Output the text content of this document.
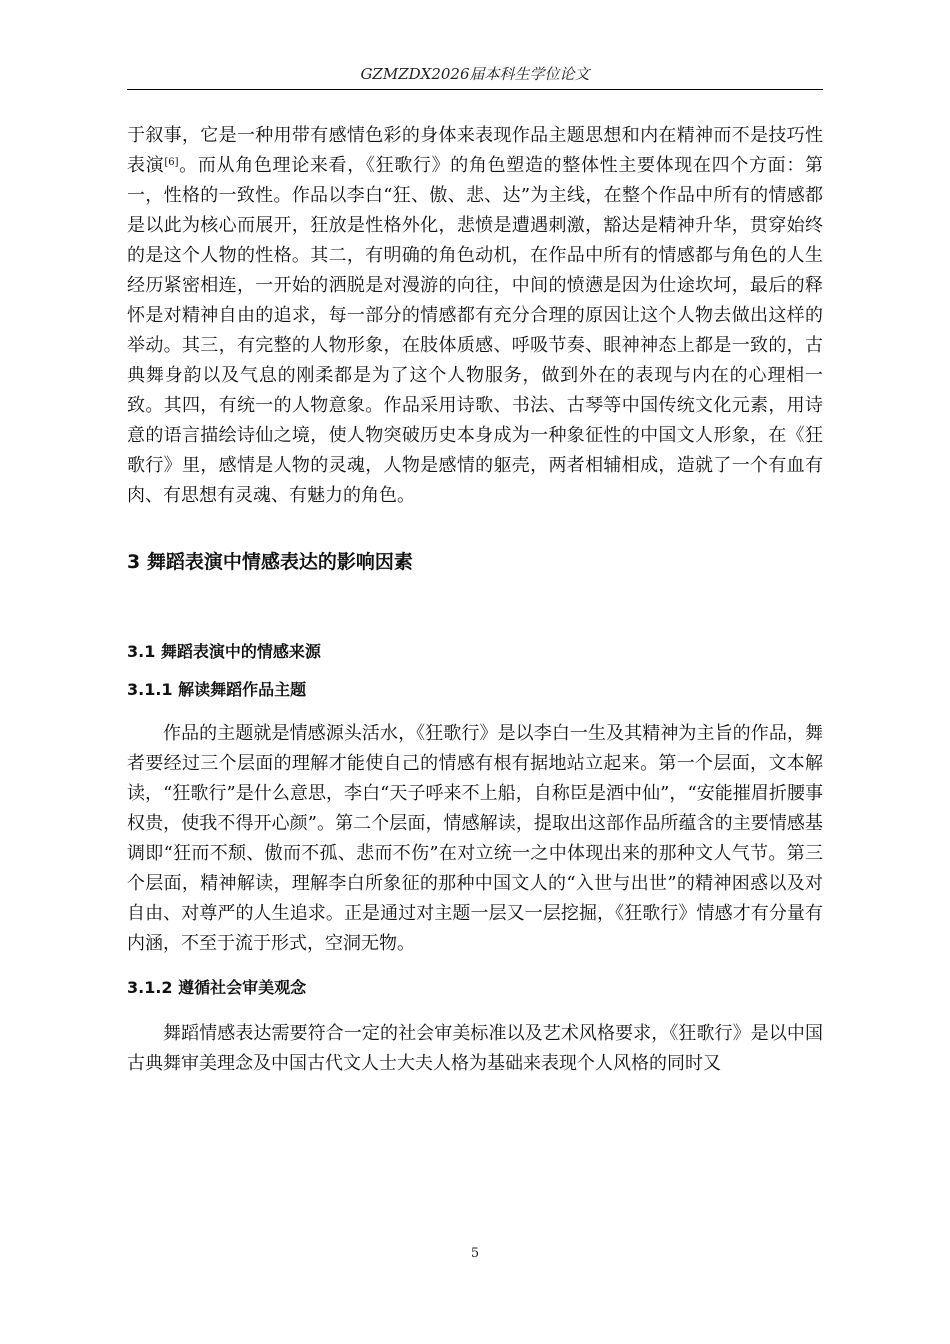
GZMZDX2026届本科生学位论文

于叙事，它是一种用带有感情色彩的身体来表现作品主题思想和内在精神而不是技巧性表演[6]。而从角色理论来看，《狂歌行》的角色塑造的整体性主要体现在四个方面：第一，性格的一致性。作品以李白“狂、傲、悲、达”为主线，在整个作品中所有的情感都是以此为核心而展开，狂放是性格外化，悲愤是遭遇刺激，豁达是精神升华，贯穿始终的是这个人物的性格。其二，有明确的角色动机，在作品中所有的情感都与角色的人生经历紧密相连，一开始的洒脱是对漫游的向往，中间的愤懑是因为仕途坎坷，最后的释怀是对精神自由的追求，每一部分的情感都有充分合理的原因让这个人物去做出这样的举动。其三，有完整的人物形象，在肢体质感、呼吸节奏、眼神神态上都是一致的，古典舞身韵以及气息的刚柔都是为了这个人物服务，做到外在的表现与内在的心理相一致。其四，有统一的人物意象。作品采用诗歌、书法、古琴等中国传统文化元素，用诗意的语言描绘诗仙之境，使人物突破历史本身成为一种象征性的中国文人形象，在《狂歌行》里，感情是人物的灵魂，人物是感情的躯壳，两者相辅相成，造就了一个有血有肉、有思想有灵魂、有魅力的角色。

3 舞蹈表演中情感表达的影响因素
3.1 舞蹈表演中的情感来源
3.1.1 解读舞蹈作品主题

作品的主题就是情感源头活水，《狂歌行》是以李白一生及其精神为主旨的作品，舞者要经过三个层面的理解才能使自己的情感有根有据地站立起来。第一个层面，文本解读，“狂歌行”是什么意思，李白“天子呼来不上船，自称臣是酒中仙”，“安能摧眉折腰事权贵，使我不得开心颜”。第二个层面，情感解读，提取出这部作品所蕴含的主要情感基调即“狂而不颓、傲而不孤、悲而不伤”在对立统一之中体现出来的那种文人气节。第三个层面，精神解读，理解李白所象征的那种中国文人的“入世与出世”的精神困惑以及对自由、对尊严的人生追求。正是通过对主题一层又一层挖掘，《狂歌行》情感才有分量有内涵，不至于流于形式，空洞无物。

3.1.2 遵循社会审美观念

舞蹈情感表达需要符合一定的社会审美标准以及艺术风格要求，《狂歌行》是以中国古典舞审美理念及中国古代文人士大夫人格为基础来表现个人风格的同时又

5
